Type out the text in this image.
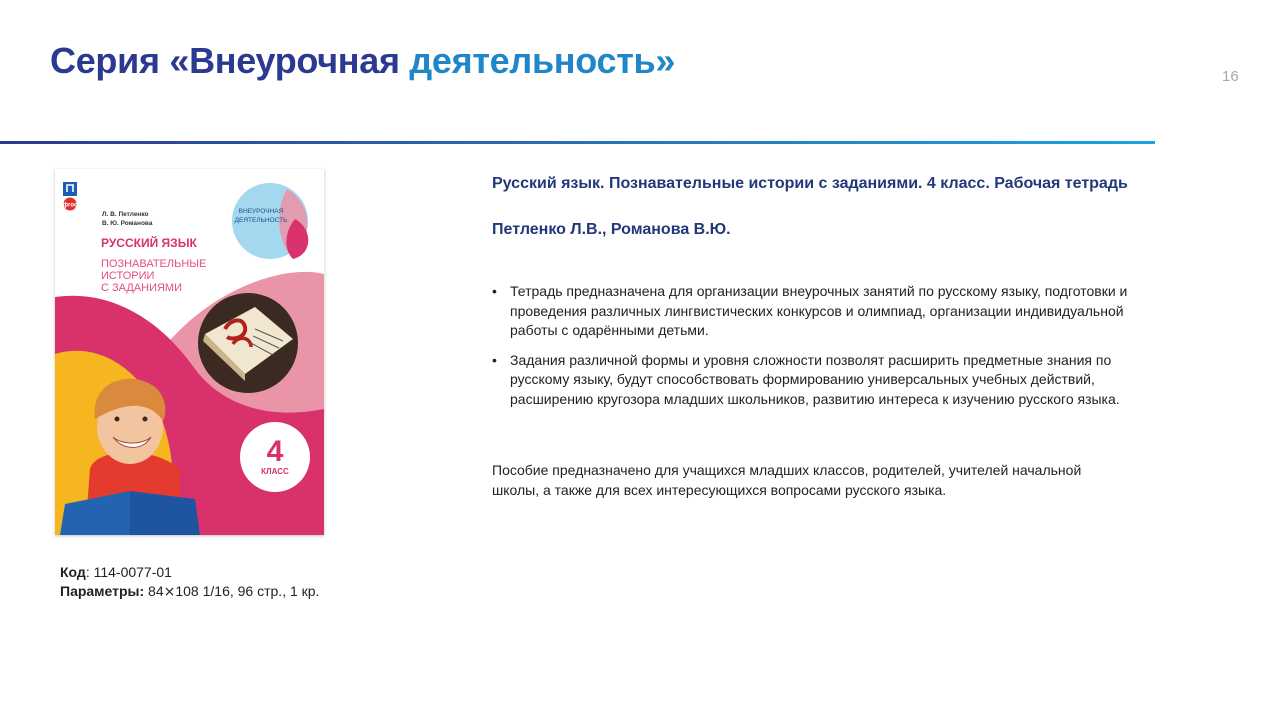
Серия «Внеурочная деятельность»	16
фгос
Л. В. Петленко
В. Ю. Романова
РУССКИЙ ЯЗЫК
ПОЗНАВАТЕЛЬНЫЕ
ИСТОРИИ
С ЗАДАНИЯМИ
ВНЕУРОЧНАЯ
ДЕЯТЕЛЬНОСТЬ
4
КЛАСС
Код: 114-0077-01
Параметры: 84⨯108 1/16, 96 стр., 1 кр.
Русский язык. Познавательные истории с заданиями. 4 класс. Рабочая тетрадь
Петленко Л.В., Романова В.Ю.
• Тетрадь предназначена для организации внеурочных занятий по русскому языку, подготовки и проведения различных лингвистических конкурсов и олимпиад, организации индивидуальной работы с одарёнными детьми.
• Задания различной формы и уровня сложности позволят расширить предметные знания по русскому языку, будут способствовать формированию универсальных учебных действий, расширению кругозора младших школьников, развитию интереса к изучению русского языка.

Пособие предназначено для учащихся младших классов, родителей, учителей начальной школы, а также для всех интересующихся вопросами русского языка.
